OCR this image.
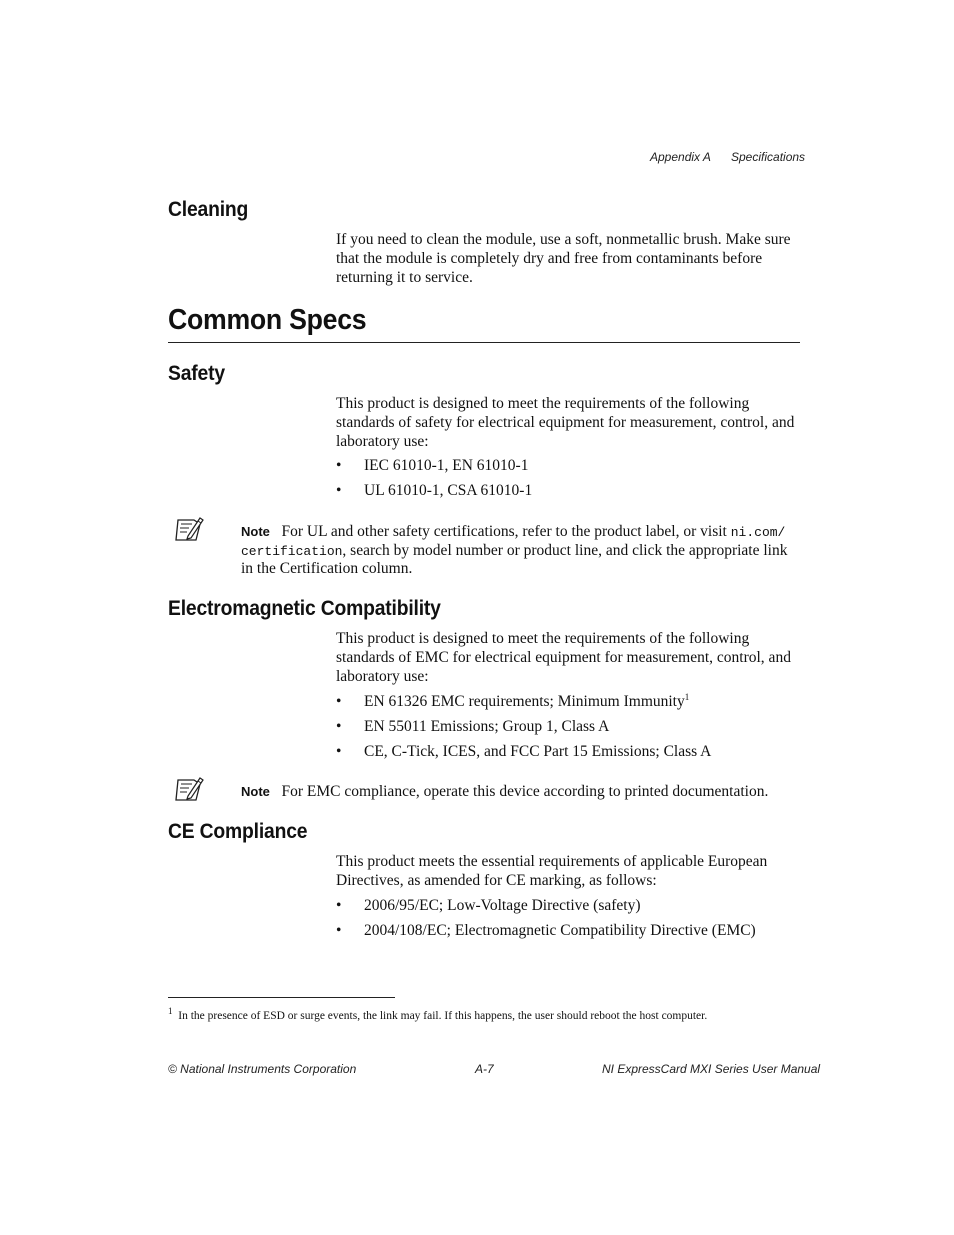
Appendix A Specifications
Cleaning
If you need to clean the module, use a soft, nonmetallic brush. Make sure that the module is completely dry and free from contaminants before returning it to service.
Common Specs
Safety
This product is designed to meet the requirements of the following standards of safety for electrical equipment for measurement, control, and laboratory use:
• IEC 61010-1, EN 61010-1
• UL 61010-1, CSA 61010-1
Note For UL and other safety certifications, refer to the product label, or visit ni.com/
certification, search by model number or product line, and click the appropriate link
in the Certification column.
Electromagnetic Compatibility
This product is designed to meet the requirements of the following standards of EMC for electrical equipment for measurement, control, and laboratory use:
• EN 61326 EMC requirements; Minimum Immunity$^1$
• EN 55011 Emissions; Group 1, Class A
• CE, C-Tick, ICES, and FCC Part 15 Emissions; Class A
Note For EMC compliance, operate this device according to printed documentation.
CE Compliance
This product meets the essential requirements of applicable European Directives, as amended for CE marking, as follows:
• 2006/95/EC; Low-Voltage Directive (safety)
• 2004/108/EC; Electromagnetic Compatibility Directive (EMC)
$^1$ In the presence of ESD or surge events, the link may fail. If this happens, the user should reboot the host computer.
© National Instruments Corporation	A-7	NI ExpressCard MXI Series User Manual
